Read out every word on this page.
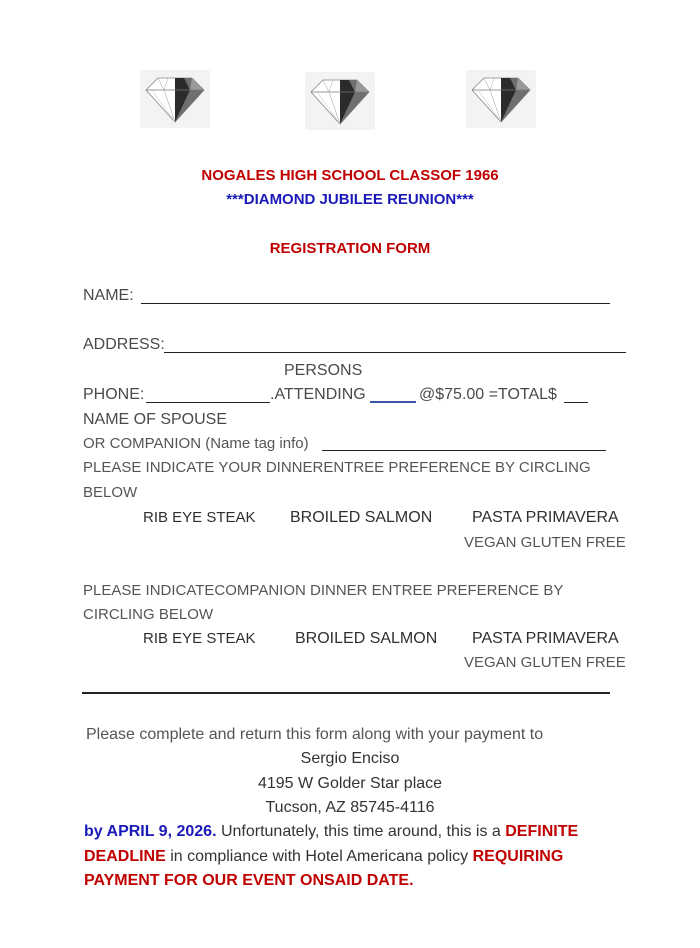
NOGALES HIGH SCHOOL CLASSOF 1966
***DIAMOND JUBILEE REUNION***
REGISTRATION FORM
NAME:
ADDRESS:
PERSONS
PHONE:	.ATTENDING	@$75.00 =TOTAL$
NAME OF SPOUSE
OR COMPANION (Name tag info)
PLEASE INDICATE YOUR DINNERENTREE PREFERENCE BY CIRCLING
BELOW
RIB EYE STEAK BROILED SALMON PASTA PRIMAVERA
VEGAN GLUTEN FREE
PLEASE INDICATECOMPANION DINNER ENTREE PREFERENCE BY
CIRCLING BELOW
RIB EYE STEAK BROILED SALMON PASTA PRIMAVERA
VEGAN GLUTEN FREE
Please complete and return this form along with your payment to
Sergio Enciso
4195 W Golder Star place
Tucson, AZ 85745-4116
by APRIL 9, 2026. Unfortunately, this time around, this is a DEFINITE
DEADLINE in compliance with Hotel Americana policy REQUIRING
PAYMENT FOR OUR EVENT ONSAID DATE.
